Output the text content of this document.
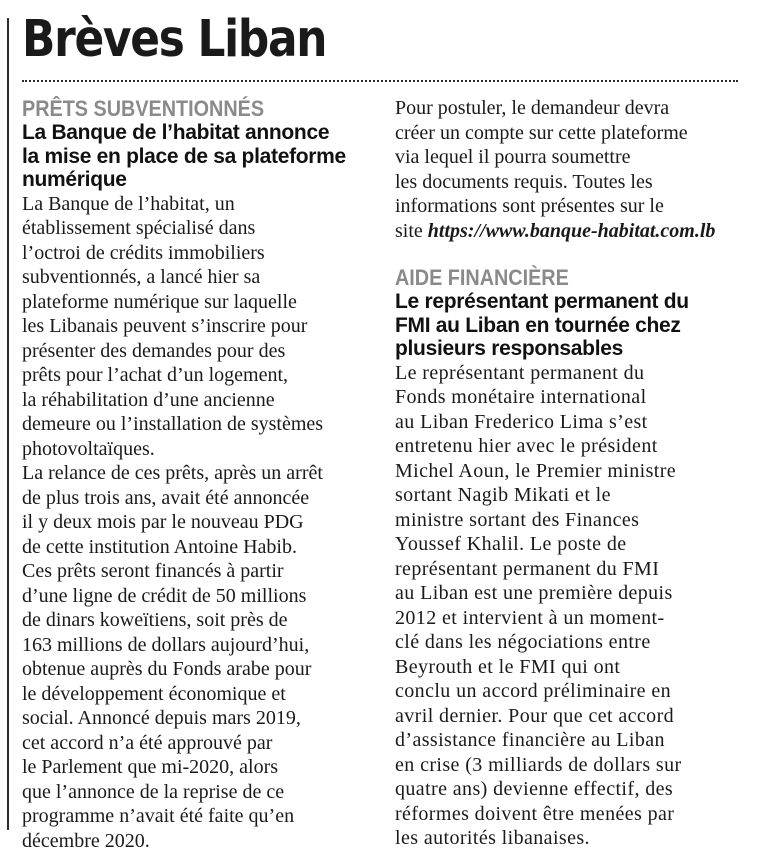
Brèves Liban
PRÊTS SUBVENTIONNÉS
La Banque de l’habitat annonce
la mise en place de sa plateforme
numérique
La Banque de l’habitat, un
établissement spécialisé dans
l’octroi de crédits immobiliers
subventionnés, a lancé hier sa
plateforme numérique sur laquelle
les Libanais peuvent s’inscrire pour
présenter des demandes pour des
prêts pour l’achat d’un logement,
la réhabilitation d’une ancienne
demeure ou l’installation de systèmes
photovoltaïques.
La relance de ces prêts, après un arrêt
de plus trois ans, avait été annoncée
il y deux mois par le nouveau PDG
de cette institution Antoine Habib.
Ces prêts seront financés à partir
d’une ligne de crédit de 50 millions
de dinars koweïtiens, soit près de
163 millions de dollars aujourd’hui,
obtenue auprès du Fonds arabe pour
le développement économique et
social. Annoncé depuis mars 2019,
cet accord n’a été approuvé par
le Parlement que mi-2020, alors
que l’annonce de la reprise de ce
programme n’avait été faite qu’en
décembre 2020.
Pour postuler, le demandeur devra
créer un compte sur cette plateforme
via lequel il pourra soumettre
les documents requis. Toutes les
informations sont présentes sur le
site https://www.banque-habitat.com.lb
AIDE FINANCIÈRE
Le représentant permanent du
FMI au Liban en tournée chez
plusieurs responsables
Le représentant permanent du
Fonds monétaire international
au Liban Frederico Lima s’est
entretenu hier avec le président
Michel Aoun, le Premier ministre
sortant Nagib Mikati et le
ministre sortant des Finances
Youssef Khalil. Le poste de
représentant permanent du FMI
au Liban est une première depuis
2012 et intervient à un moment-
clé dans les négociations entre
Beyrouth et le FMI qui ont
conclu un accord préliminaire en
avril dernier. Pour que cet accord
d’assistance financière au Liban
en crise (3 milliards de dollars sur
quatre ans) devienne effectif, des
réformes doivent être menées par
les autorités libanaises.
